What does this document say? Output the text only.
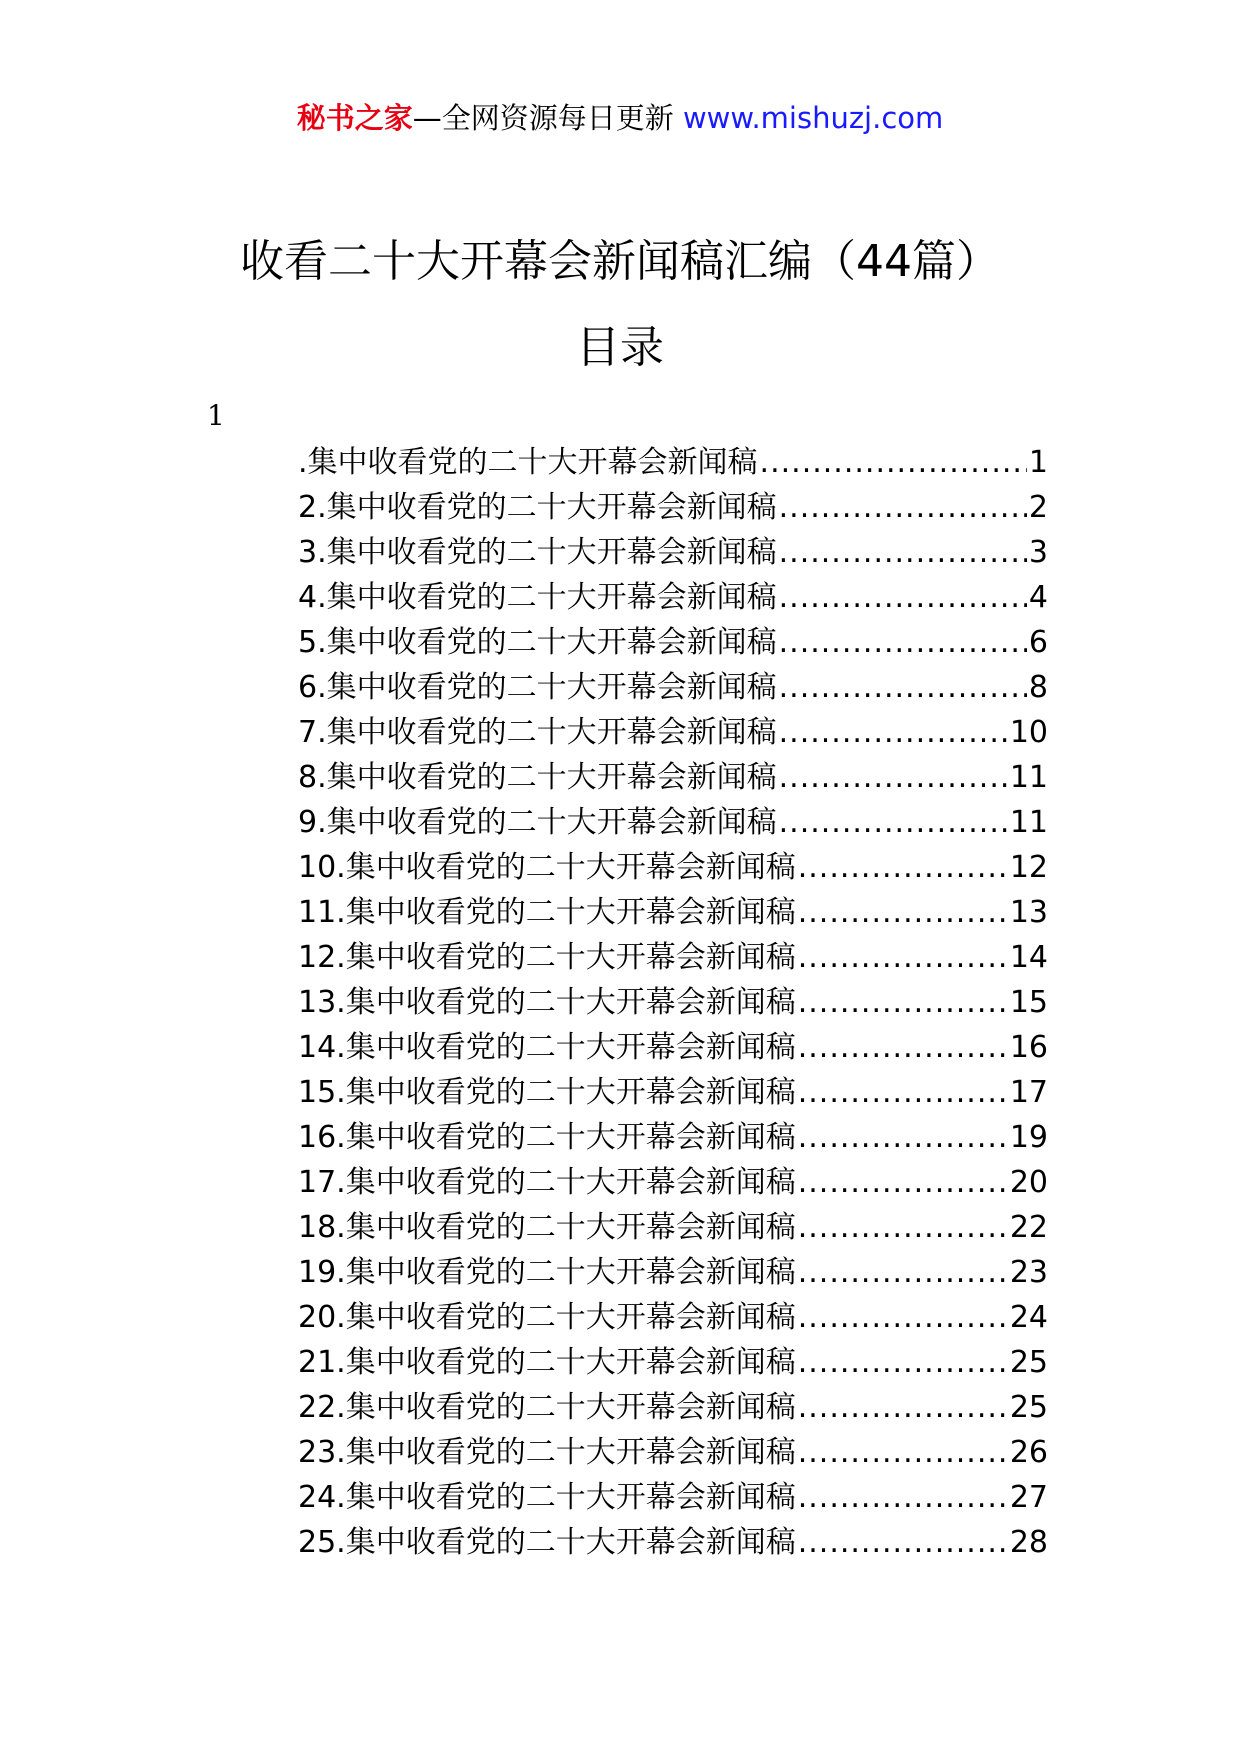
秘书之家—全网资源每日更新 www.mishuzj.com
收看二十大开幕会新闻稿汇编（44篇）
目录
1
.集中收看党的二十大开幕会新闻稿 .....	1
2.集中收看党的二十大开幕会新闻稿 .....	2
3.集中收看党的二十大开幕会新闻稿 .....	3
4.集中收看党的二十大开幕会新闻稿 .....	4
5.集中收看党的二十大开幕会新闻稿 .....	6
6.集中收看党的二十大开幕会新闻稿 .....	8
7.集中收看党的二十大开幕会新闻稿 .....	10
8.集中收看党的二十大开幕会新闻稿 .....	11
9.集中收看党的二十大开幕会新闻稿 .....	11
10.集中收看党的二十大开幕会新闻稿 .....	12
11.集中收看党的二十大开幕会新闻稿 .....	13
12.集中收看党的二十大开幕会新闻稿 .....	14
13.集中收看党的二十大开幕会新闻稿 .....	15
14.集中收看党的二十大开幕会新闻稿 .....	16
15.集中收看党的二十大开幕会新闻稿 .....	17
16.集中收看党的二十大开幕会新闻稿 .....	19
17.集中收看党的二十大开幕会新闻稿 .....	20
18.集中收看党的二十大开幕会新闻稿 .....	22
19.集中收看党的二十大开幕会新闻稿 .....	23
20.集中收看党的二十大开幕会新闻稿 .....	24
21.集中收看党的二十大开幕会新闻稿 .....	25
22.集中收看党的二十大开幕会新闻稿 .....	25
23.集中收看党的二十大开幕会新闻稿 .....	26
24.集中收看党的二十大开幕会新闻稿 .....	27
25.集中收看党的二十大开幕会新闻稿 .....	28
